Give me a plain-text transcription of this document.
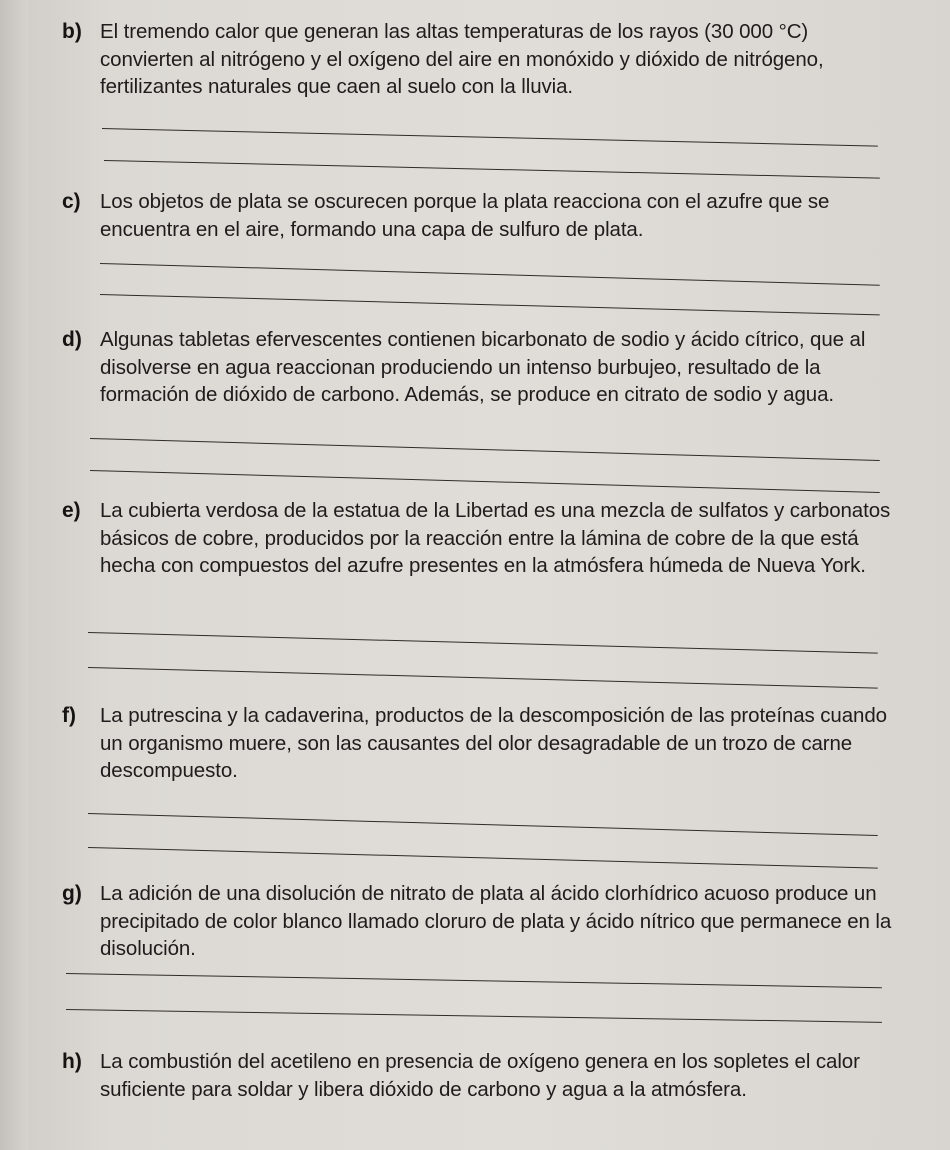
b) El tremendo calor que generan las altas temperaturas de los rayos (30 000 °C) convierten al nitrógeno y el oxígeno del aire en monóxido y dióxido de nitrógeno, fertilizantes naturales que caen al suelo con la lluvia.
c) Los objetos de plata se oscurecen porque la plata reacciona con el azufre que se encuentra en el aire, formando una capa de sulfuro de plata.
d) Algunas tabletas efervescentes contienen bicarbonato de sodio y ácido cítrico, que al disolverse en agua reaccionan produciendo un intenso burbujeo, resultado de la formación de dióxido de carbono. Además, se produce en citrato de sodio y agua.
e) La cubierta verdosa de la estatua de la Libertad es una mezcla de sulfatos y carbonatos básicos de cobre, producidos por la reacción entre la lámina de cobre de la que está hecha con compuestos del azufre presentes en la atmósfera húmeda de Nueva York.
f) La putrescina y la cadaverina, productos de la descomposición de las proteínas cuando un organismo muere, son las causantes del olor desagradable de un trozo de carne descompuesto.
g) La adición de una disolución de nitrato de plata al ácido clorhídrico acuoso produce un precipitado de color blanco llamado cloruro de plata y ácido nítrico que permanece en la disolución.
h) La combustión del acetileno en presencia de oxígeno genera en los sopletes el calor suficiente para soldar y libera dióxido de carbono y agua a la atmósfera.
